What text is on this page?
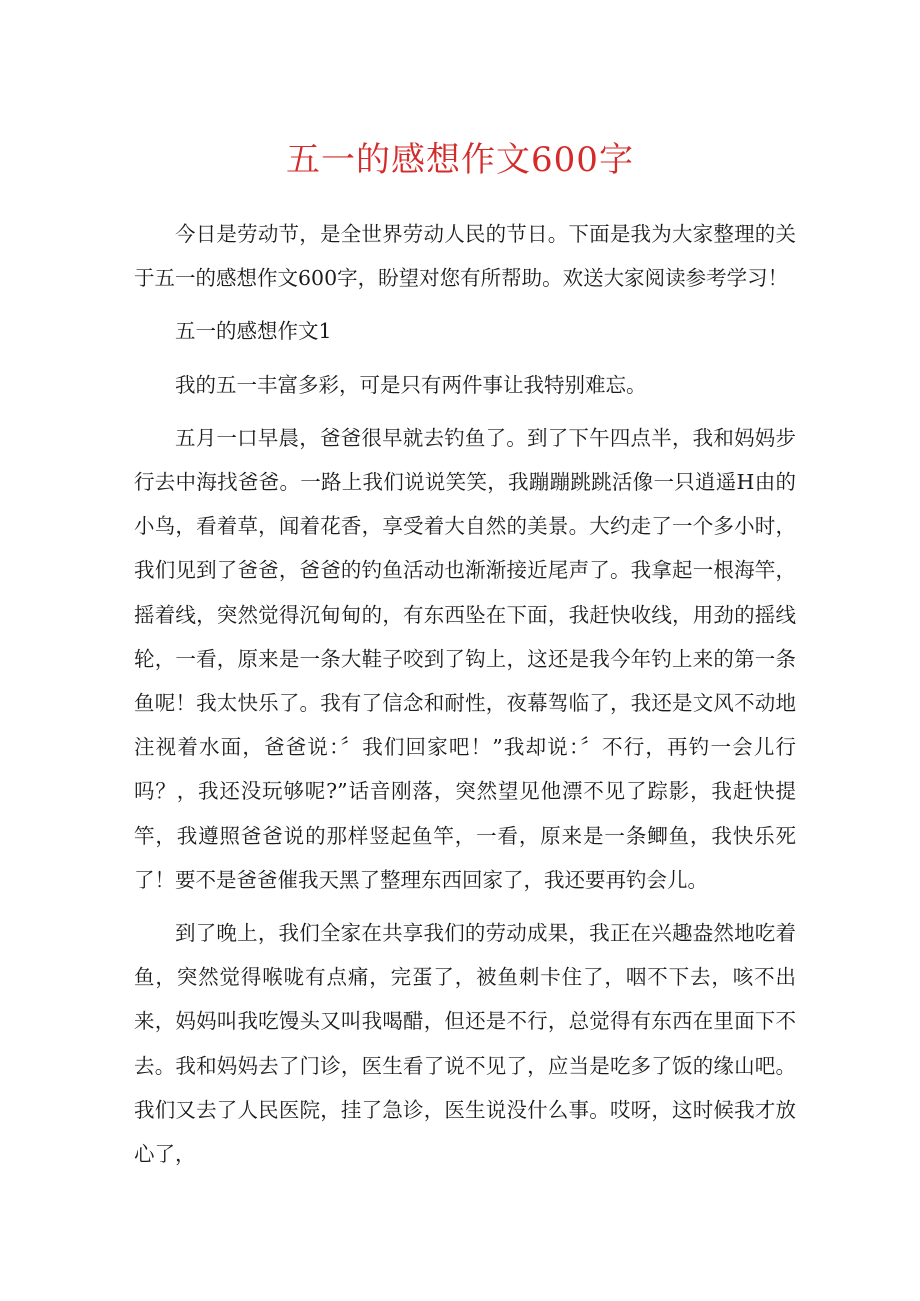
五一的感想作文600字

今日是劳动节，是全世界劳动人民的节日。下面是我为大家整理的关于五一的感想作文600字，盼望对您有所帮助。欢送大家阅读参考学习！

五一的感想作文1

我的五一丰富多彩，可是只有两件事让我特别难忘。

五月一口早晨，爸爸很早就去钓鱼了。到了下午四点半，我和妈妈步行去中海找爸爸。一路上我们说说笑笑，我蹦蹦跳跳活像一只逍遥H由的小鸟，看着草，闻着花香，享受着大自然的美景。大约走了一个多小时，我们见到了爸爸，爸爸的钓鱼活动也渐渐接近尾声了。我拿起一根海竿，摇着线，突然觉得沉甸甸的，有东西坠在下面，我赶快收线，用劲的摇线轮，一看，原来是一条大鞋子咬到了钩上，这还是我今年钓上来的第一条鱼呢！我太快乐了。我有了信念和耐性，夜幕驾临了，我还是文风不动地注视着水面，爸爸说：〞我们回家吧！”我却说：〞不行，再钓一会儿行吗？，我还没玩够呢?”话音刚落，突然望见他漂不见了踪影，我赶快提竿，我遵照爸爸说的那样竖起鱼竿，一看，原来是一条鲫鱼，我快乐死了！要不是爸爸催我天黑了整理东西回家了，我还要再钓会儿。

到了晚上，我们全家在共享我们的劳动成果，我正在兴趣盎然地吃着鱼，突然觉得喉咙有点痛，完蛋了，被鱼刺卡住了，咽不下去，咳不出来，妈妈叫我吃馒头又叫我喝醋，但还是不行，总觉得有东西在里面下不去。我和妈妈去了门诊，医生看了说不见了，应当是吃多了饭的缘山吧。我们又去了人民医院，挂了急诊，医生说没什么事。哎呀，这时候我才放心了，
